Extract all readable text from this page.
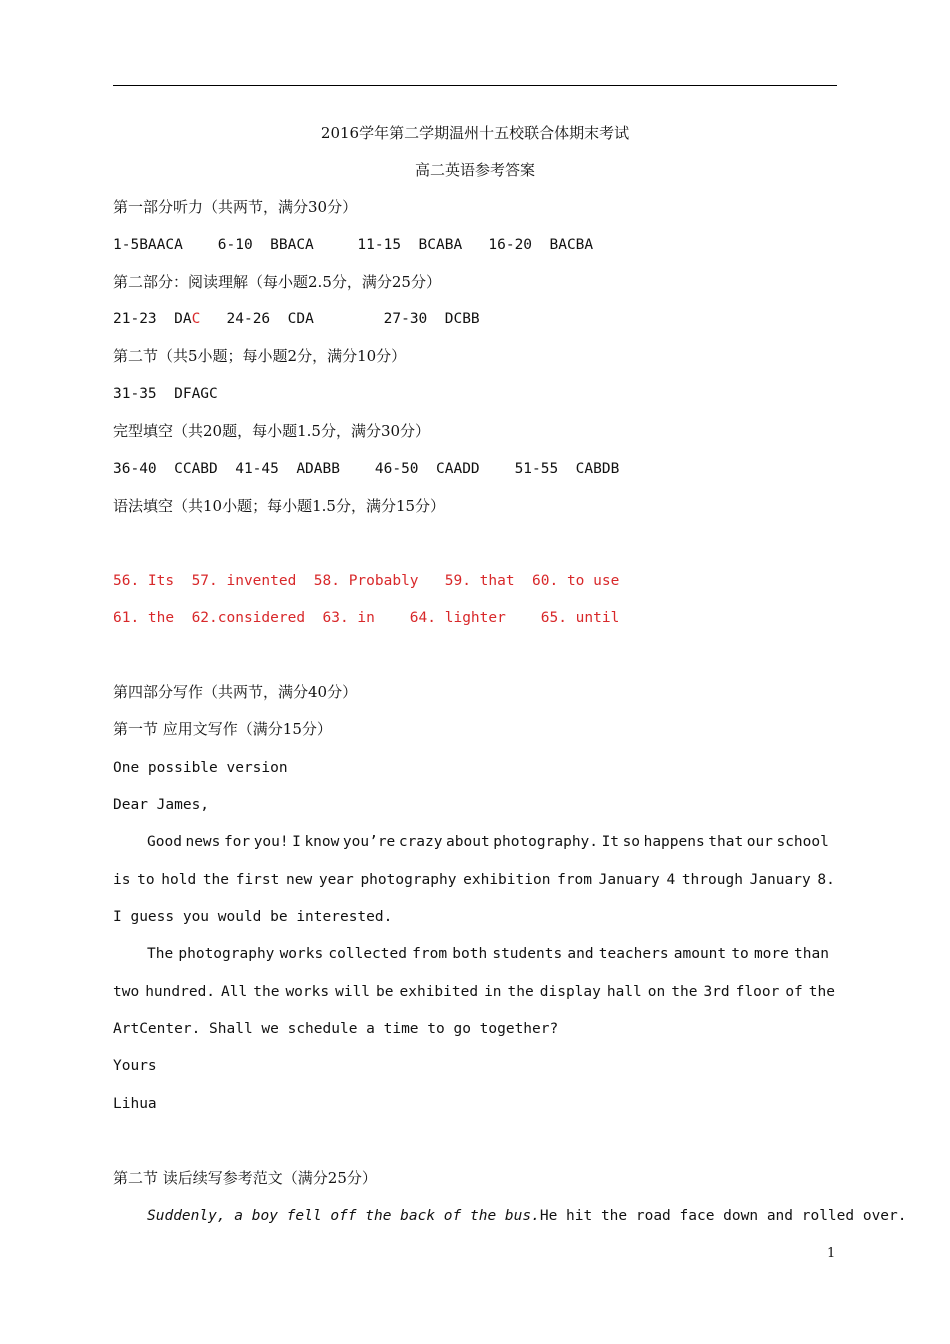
2016学年第二学期温州十五校联合体期末考试
高二英语参考答案
第一部分听力（共两节，满分30分）
1-5BAACA    6-10  BBACA     11-15  BCABA   16-20  BACBA
第二部分：阅读理解（每小题2.5分，满分25分）
21-23  DAC   24-26  CDA        27-30  DCBB
第二节（共5小题；每小题2分，满分10分）
31-35  DFAGC
完型填空（共20题，每小题1.5分，满分30分）
36-40  CCABD  41-45  ADABB    46-50  CAADD    51-55  CABDB
语法填空（共10小题；每小题1.5分，满分15分）
56. Its  57. invented  58. Probably   59. that  60. to use
61. the  62.considered  63. in    64. lighter    65. until
第四部分写作（共两节，满分40分）
第一节 应用文写作（满分15分）
One possible version
Dear James,
Good news for you! I know you’re crazy about photography. It so happens that our school
is to hold the first new year photography exhibition from January 4 through January 8.
I guess you would be interested.
The photography works collected from both students and teachers amount to more than
two hundred. All the works will be exhibited in the display hall on the 3rd floor of the
ArtCenter. Shall we schedule a time to go together?
Yours
Lihua
第二节 读后续写参考范文（满分25分）
Suddenly, a boy fell off the back of the bus.He hit the road face down and rolled over.
1
